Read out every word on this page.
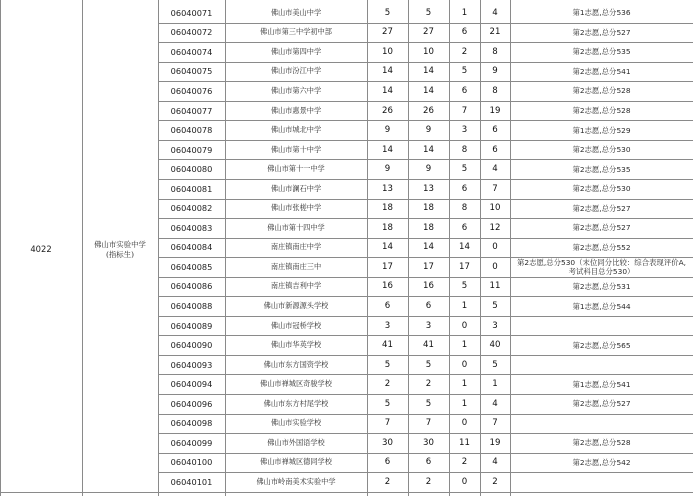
4022	佛山市实验中学
(指标生)
06040071	佛山市美山中学	5	5	1	4	第1志愿,总分536
06040072	佛山市第三中学初中部	27	27	6	21	第2志愿,总分527
06040074	佛山市第四中学	10	10	2	8	第2志愿,总分535
06040075	佛山市汾江中学	14	14	5	9	第2志愿,总分541
06040076	佛山市第六中学	14	14	6	8	第2志愿,总分528
06040077	佛山市惠景中学	26	26	7	19	第2志愿,总分528
06040078	佛山市城北中学	9	9	3	6	第1志愿,总分529
06040079	佛山市第十中学	14	14	8	6	第2志愿,总分530
06040080	佛山市第十一中学	9	9	5	4	第2志愿,总分535
06040081	佛山市澜石中学	13	13	6	7	第2志愿,总分530
06040082	佛山市张槎中学	18	18	8	10	第2志愿,总分527
06040083	佛山市第十四中学	18	18	6	12	第2志愿,总分527
06040084	南庄镇南庄中学	14	14	14	0	第2志愿,总分552
06040085	南庄镇南庄三中	17	17	17	0	第2志愿,总分530（末位同分比较：综合表现评价A,
考试科目总分530）
06040086	南庄镇吉利中学	16	16	5	11	第2志愿,总分531
06040088	佛山市新源源头学校	6	6	1	5	第1志愿,总分544
06040089	佛山市冠桥学校	3	3	0	3
06040090	佛山市华英学校	41	41	1	40	第2志愿,总分565
06040093	佛山市东方国资学校	5	5	0	5
06040094	佛山市禅城区奇骏学校	2	2	1	1	第1志愿,总分541
06040096	佛山市东方村尾学校	5	5	1	4	第2志愿,总分527
06040098	佛山市实验学校	7	7	0	7
06040099	佛山市外国语学校	30	30	11	19	第2志愿,总分528
06040100	佛山市禅城区德同学校	6	6	2	4	第2志愿,总分542
06040101	佛山市岭南美术实验中学	2	2	0	2
